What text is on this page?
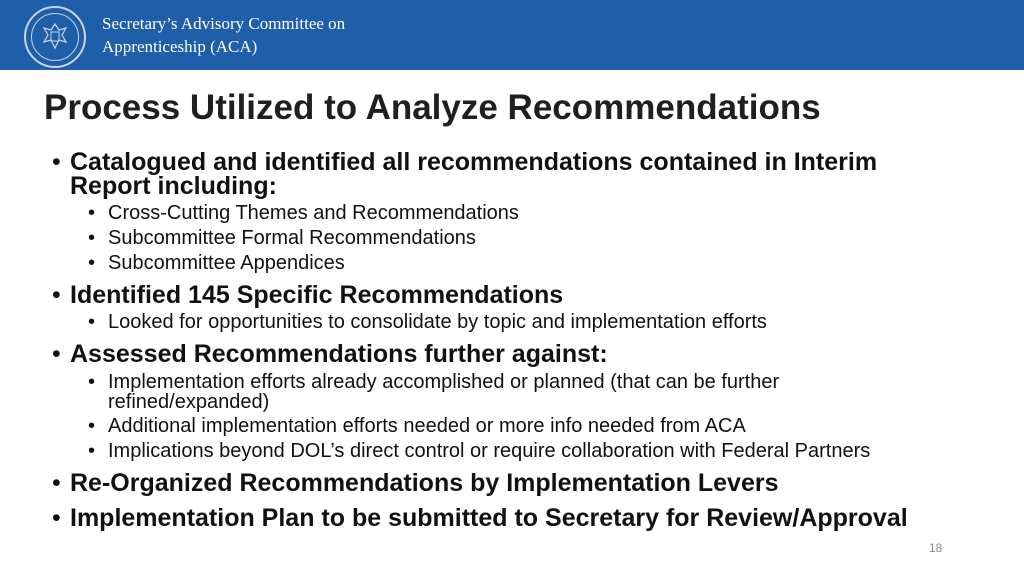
Secretary’s Advisory Committee on
Apprenticeship (ACA)
Process Utilized to Analyze Recommendations
• Catalogued and identified all recommendations contained in Interim
Report including:
• Cross-Cutting Themes and Recommendations
• Subcommittee Formal Recommendations
• Subcommittee Appendices
• Identified 145 Specific Recommendations
• Looked for opportunities to consolidate by topic and implementation efforts
• Assessed Recommendations further against:
• Implementation efforts already accomplished or planned (that can be further
refined/expanded)
• Additional implementation efforts needed or more info needed from ACA
• Implications beyond DOL’s direct control or require collaboration with Federal Partners
• Re-Organized Recommendations by Implementation Levers
• Implementation Plan to be submitted to Secretary for Review/Approval
18
